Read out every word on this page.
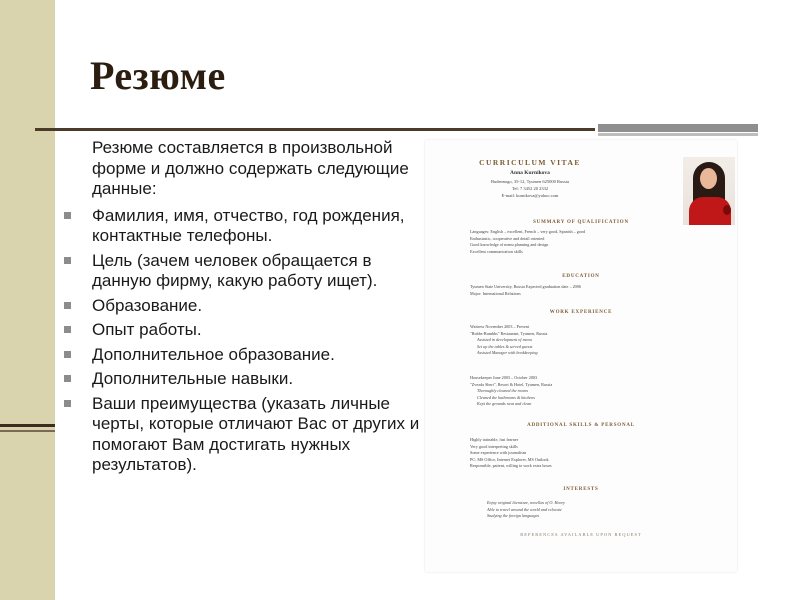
Резюме

Резюме составляется в произвольной форме и должно содержать следующие данные:

Фамилия, имя, отчество, год рождения, контактные телефоны.
Цель (зачем человек обращается в данную фирму, какую работу ищет).
Образование.
Опыт работы.
Дополнительное образование.
Дополнительные навыки.
Ваши преимущества (указать личные черты, которые отличают Вас от других и помогают Вам достигать нужных результатов).
CURRICULUM VITAE
Anna Kurnikova
Budennogo, 35-12, Tyumen 625000 Russia
Tel: 7 3452 20 2332
E-mail: kurnikova@yahoo.com
SUMMARY OF QUALIFICATION
Languages: English – excellent, French – very good, Spanish – good
Enthusiastic, cooperative and detail oriented
Good knowledge of menu planning and design
Excellent communication skills
EDUCATION
Tyumen State University, Russia Expected graduation date – 2006
Major: International Relations
WORK EXPERIENCE
Waitress November 2003 – Present
"Rubbs-Bumbbs" Restaurant, Tyumen, Russia
Assisted in development of menu
Set up the tables & served guests
Assisted Manager with bookkeeping
Housekeeper June 2003 – October 2003
"Zvezda Sheri", Resort & Hotel, Tyumen, Russia
Thoroughly cleaned the rooms
Cleaned the bathrooms & kitchens
Kept the grounds neat and clean
ADDITIONAL SKILLS & PERSONAL
Highly trainable, fast learner
Very good interpreting skills
Some experience with journalism
PC: MS Office, Internet Explorer, MS Outlook
Responsible, patient, willing to work extra hours
INTERESTS
Enjoy original literature, novellas of O. Henry
Able to travel around the world and relocate
Studying the foreign languages
REFERENCES AVAILABLE UPON REQUEST
